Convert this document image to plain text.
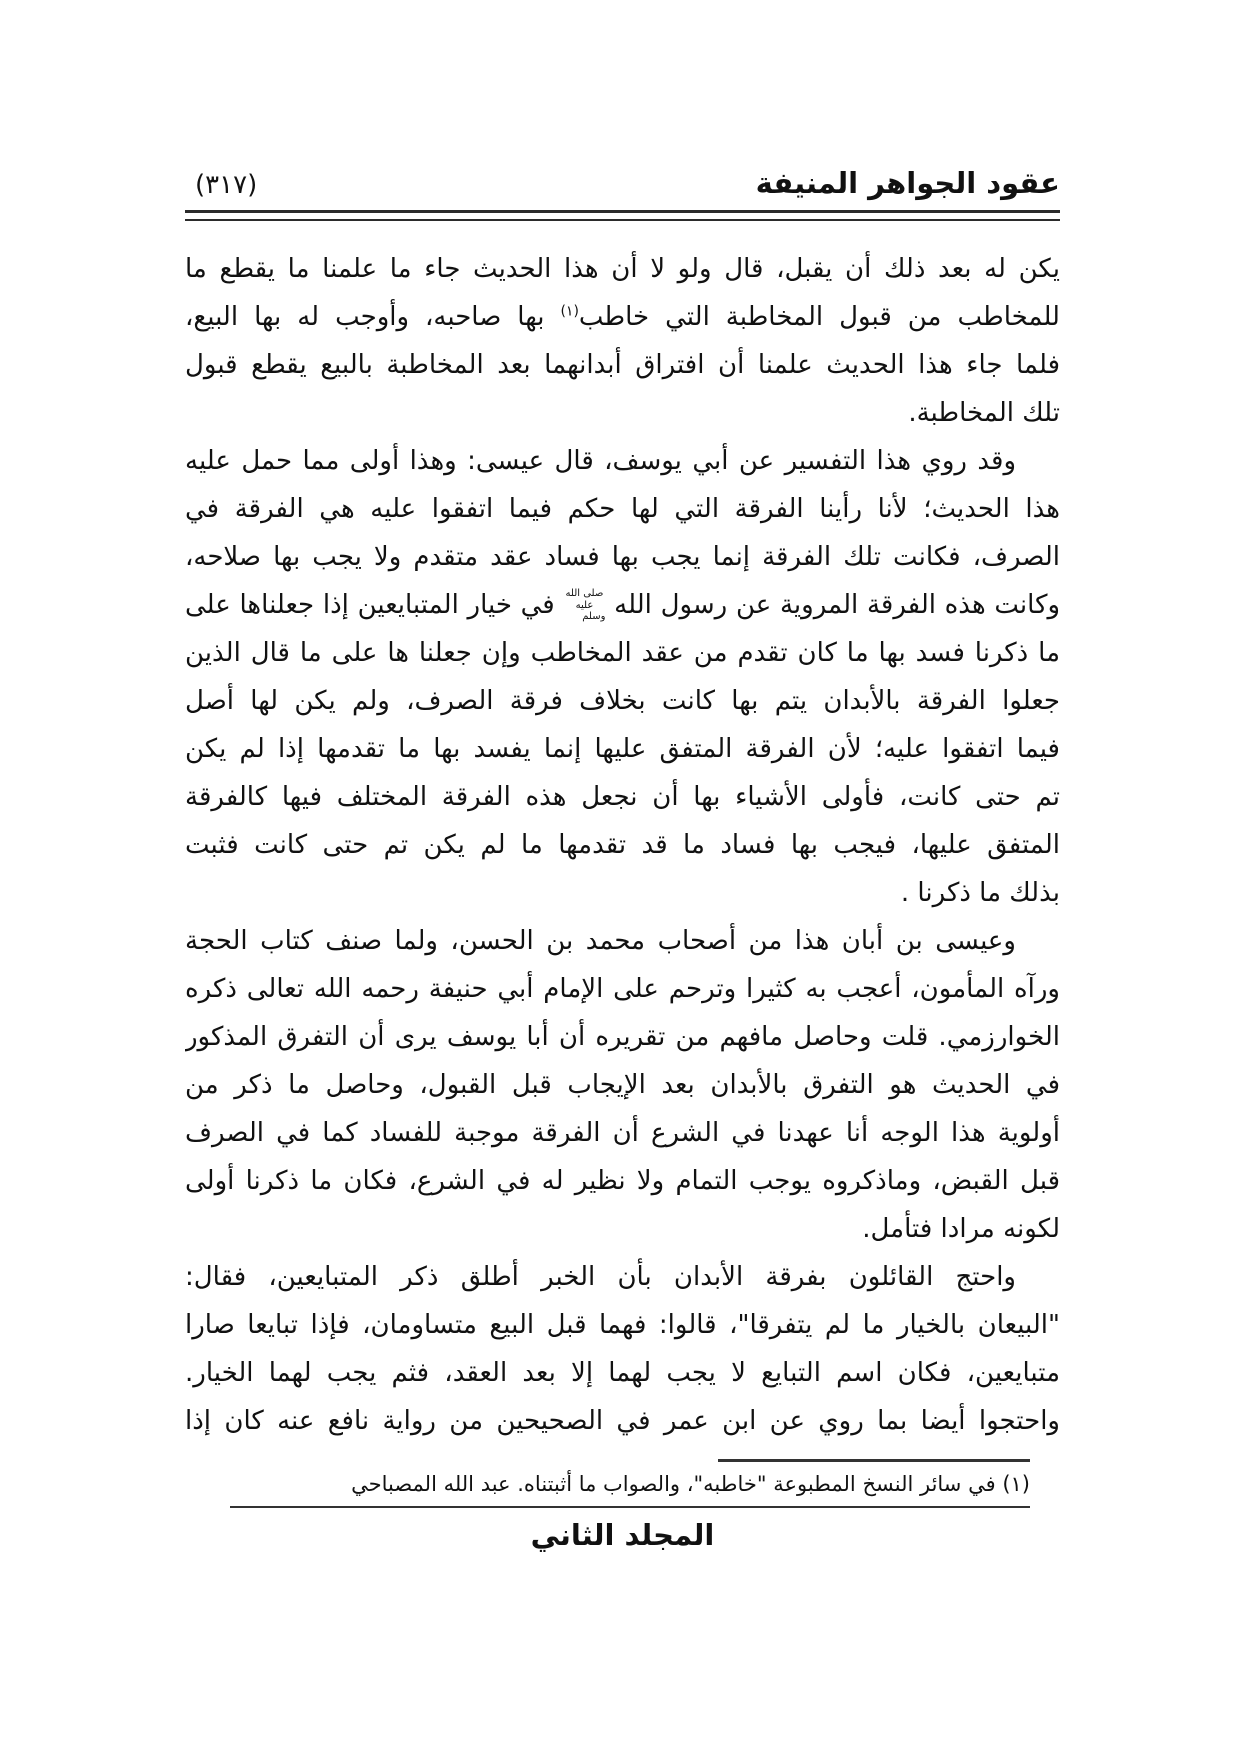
عقود الجواهر المنيفة
(٣١٧)
يكن له بعد ذلك أن يقبل، قال ولو لا أن هذا الحديث جاء ما علمنا ما يقطع ما
للمخاطب من قبول المخاطبة التي خاطب$^{(١)}$ بها صاحبه، وأوجب له بها البيع،
فلما جاء هذا الحديث علمنا أن افتراق أبدانهما بعد المخاطبة بالبيع يقطع قبول
تلك المخاطبة.
وقد روي هذا التفسير عن أبي يوسف، قال عيسى: وهذا أولى مما حمل عليه
هذا الحديث؛ لأنا رأينا الفرقة التي لها حكم فيما اتفقوا عليه هي الفرقة في
الصرف، فكانت تلك الفرقة إنما يجب بها فساد عقد متقدم ولا يجب بها صلاحه،
وكانت هذه الفرقة المروية عن رسول الله صلى الله عليه وسلم في خيار المتبايعين إذا جعلناها على
ما ذكرنا فسد بها ما كان تقدم من عقد المخاطب وإن جعلنا ها على ما قال الذين
جعلوا الفرقة بالأبدان يتم بها كانت بخلاف فرقة الصرف، ولم يكن لها أصل
فيما اتفقوا عليه؛ لأن الفرقة المتفق عليها إنما يفسد بها ما تقدمها إذا لم يكن
تم حتى كانت، فأولى الأشياء بها أن نجعل هذه الفرقة المختلف فيها كالفرقة
المتفق عليها، فيجب بها فساد ما قد تقدمها ما لم يكن تم حتى كانت فثبت
بذلك ما ذكرنا .
وعيسى بن أبان هذا من أصحاب محمد بن الحسن، ولما صنف كتاب الحجة
ورآه المأمون، أعجب به كثيرا وترحم على الإمام أبي حنيفة رحمه الله تعالى ذكره
الخوارزمي. قلت وحاصل مافهم من تقريره أن أبا يوسف يرى أن التفرق المذكور
في الحديث هو التفرق بالأبدان بعد الإيجاب قبل القبول، وحاصل ما ذكر من
أولوية هذا الوجه أنا عهدنا في الشرع أن الفرقة موجبة للفساد كما في الصرف
قبل القبض، وماذكروه يوجب التمام ولا نظير له في الشرع، فكان ما ذكرنا أولى
لكونه مرادا فتأمل.
واحتج القائلون بفرقة الأبدان بأن الخبر أطلق ذكر المتبايعين، فقال:
"البيعان بالخيار ما لم يتفرقا"، قالوا: فهما قبل البيع متساومان، فإذا تبايعا صارا
متبايعين، فكان اسم التبايع لا يجب لهما إلا بعد العقد، فثم يجب لهما الخيار.
واحتجوا أيضا بما روي عن ابن عمر في الصحيحين من رواية نافع عنه كان إذا
(١) في سائر النسخ المطبوعة "خاطبه"، والصواب ما أثبتناه. عبد الله المصباحي
المجلد الثاني
